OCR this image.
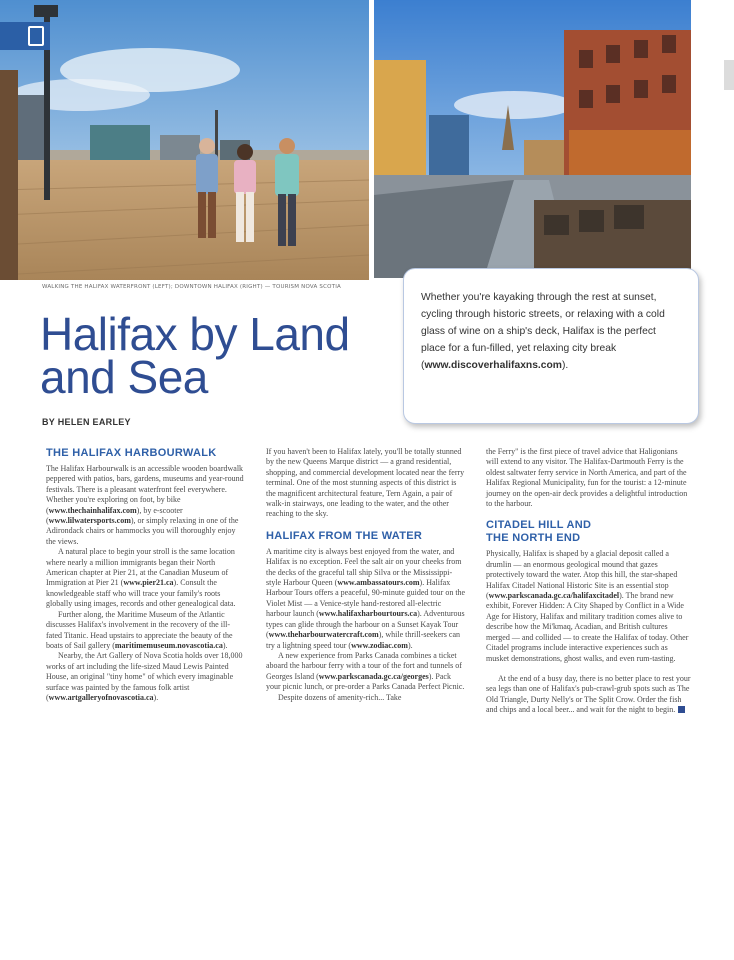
WALKING THE HALIFAX WATERFRONT (LEFT); DOWNTOWN HALIFAX (RIGHT) — TOURISM NOVA SCOTIA
Halifax by Land and Sea
BY HELEN EARLEY
Whether you're kayaking through the rest at sunset, cycling through historic streets, or relaxing with a cold glass of wine on a ship's deck, Halifax is the perfect place for a fun-filled, yet relaxing city break (www.discoverhalifaxns.com).
THE HALIFAX HARBOURWALK

The Halifax Harbourwalk is an accessible wooden boardwalk peppered with patios, bars, gardens, museums and year-round festivals. There is a pleasant waterfront feel everywhere. Whether you're exploring on foot, by bike (www.thechainhalifax.com), by e-scooter (www.lilwatersports.com), or simply relaxing in one of the Adirondack chairs or hammocks you will thoroughly enjoy the views.

A natural place to begin your stroll is the same location where nearly a million immigrants began their North American chapter at Pier 21, at the Canadian Museum of Immigration at Pier 21 (www.pier21.ca). Consult the knowledgeable staff who will trace your family's roots globally using images, records and other genealogical data.

Further along, the Maritime Museum of the Atlantic discusses Halifax's involvement in the recovery of the ill-fated Titanic. Head upstairs to appreciate the beauty of the boats of Sail gallery (maritimemuseum.novascotia.ca).

Nearby, the Art Gallery of Nova Scotia holds over 18,000 works of art including the life-sized Maud Lewis Painted House, an original "tiny home" of which every imaginable surface was painted by the famous folk artist (www.artgalleryofnovascotia.ca).

If you haven't been to Halifax lately, you'll be totally stunned by the new Queens Marque district — a grand residential, shopping, and commercial development located near the ferry terminal. One of the most stunning aspects of this district is the magnificent architectural feature, Tern Again, a pair of walk-in stairways, one leading to the water, and the other reaching to the sky.

HALIFAX FROM THE WATER

A maritime city is always best enjoyed from the water, and Halifax is no exception. Feel the salt air on your cheeks from the decks of the graceful tall ship Silva or the Mississippi-style Harbour Queen (www.ambassatours.com). Halifax Harbour Tours offers a peaceful, 90-minute guided tour on the Violet Mist — a Venice-style hand-restored all-electric harbour launch (www.halifaxharbourtours.ca). Adventurous types can glide through the harbour on a Sunset Kayak Tour (www.theharbourwatercraft.com), while thrill-seekers can try a lightning speed tour (www.zodiac.com).

A new experience from Parks Canada combines a ticket aboard the harbour ferry with a tour of the fort and tunnels of Georges Island (www.parkscanada.gc.ca/georges). Pack your picnic lunch, or pre-order a Parks Canada Perfect Picnic.

Despite dozens of amenity-rich... Take

the Ferry" is the first piece of travel advice that Haligonians will extend to any visitor. The Halifax-Dartmouth Ferry is the oldest saltwater ferry service in North America, and part of the Halifax Regional Municipality, fun for the tourist: a 12-minute journey on the open-air deck provides a delightful introduction to the harbour.

CITADEL HILL AND
THE NORTH END

Physically, Halifax is shaped by a glacial deposit called a drumlin — an enormous geological mound that gazes protectively toward the water. Atop this hill, the star-shaped Halifax Citadel National Historic Site is an essential stop (www.parkscanada.gc.ca/halifaxcitadel). The brand new exhibit, Forever Hidden: A City Shaped by Conflict in a Wide Age for History, Halifax and military tradition comes alive to describe how the Mi'kmaq, Acadian, and British cultures merged — and collided — to create the Halifax of today. Other Citadel programs include interactive experiences such as musket demonstrations, ghost walks, and even rum-tasting.

At the end of a busy day, there is no better place to rest your sea legs than one of Halifax's pub-crawl-grub spots such as The Old Triangle, Durty Nelly's or The Split Crow. Order the fish and chips and a local beer... and wait for the night to begin.
